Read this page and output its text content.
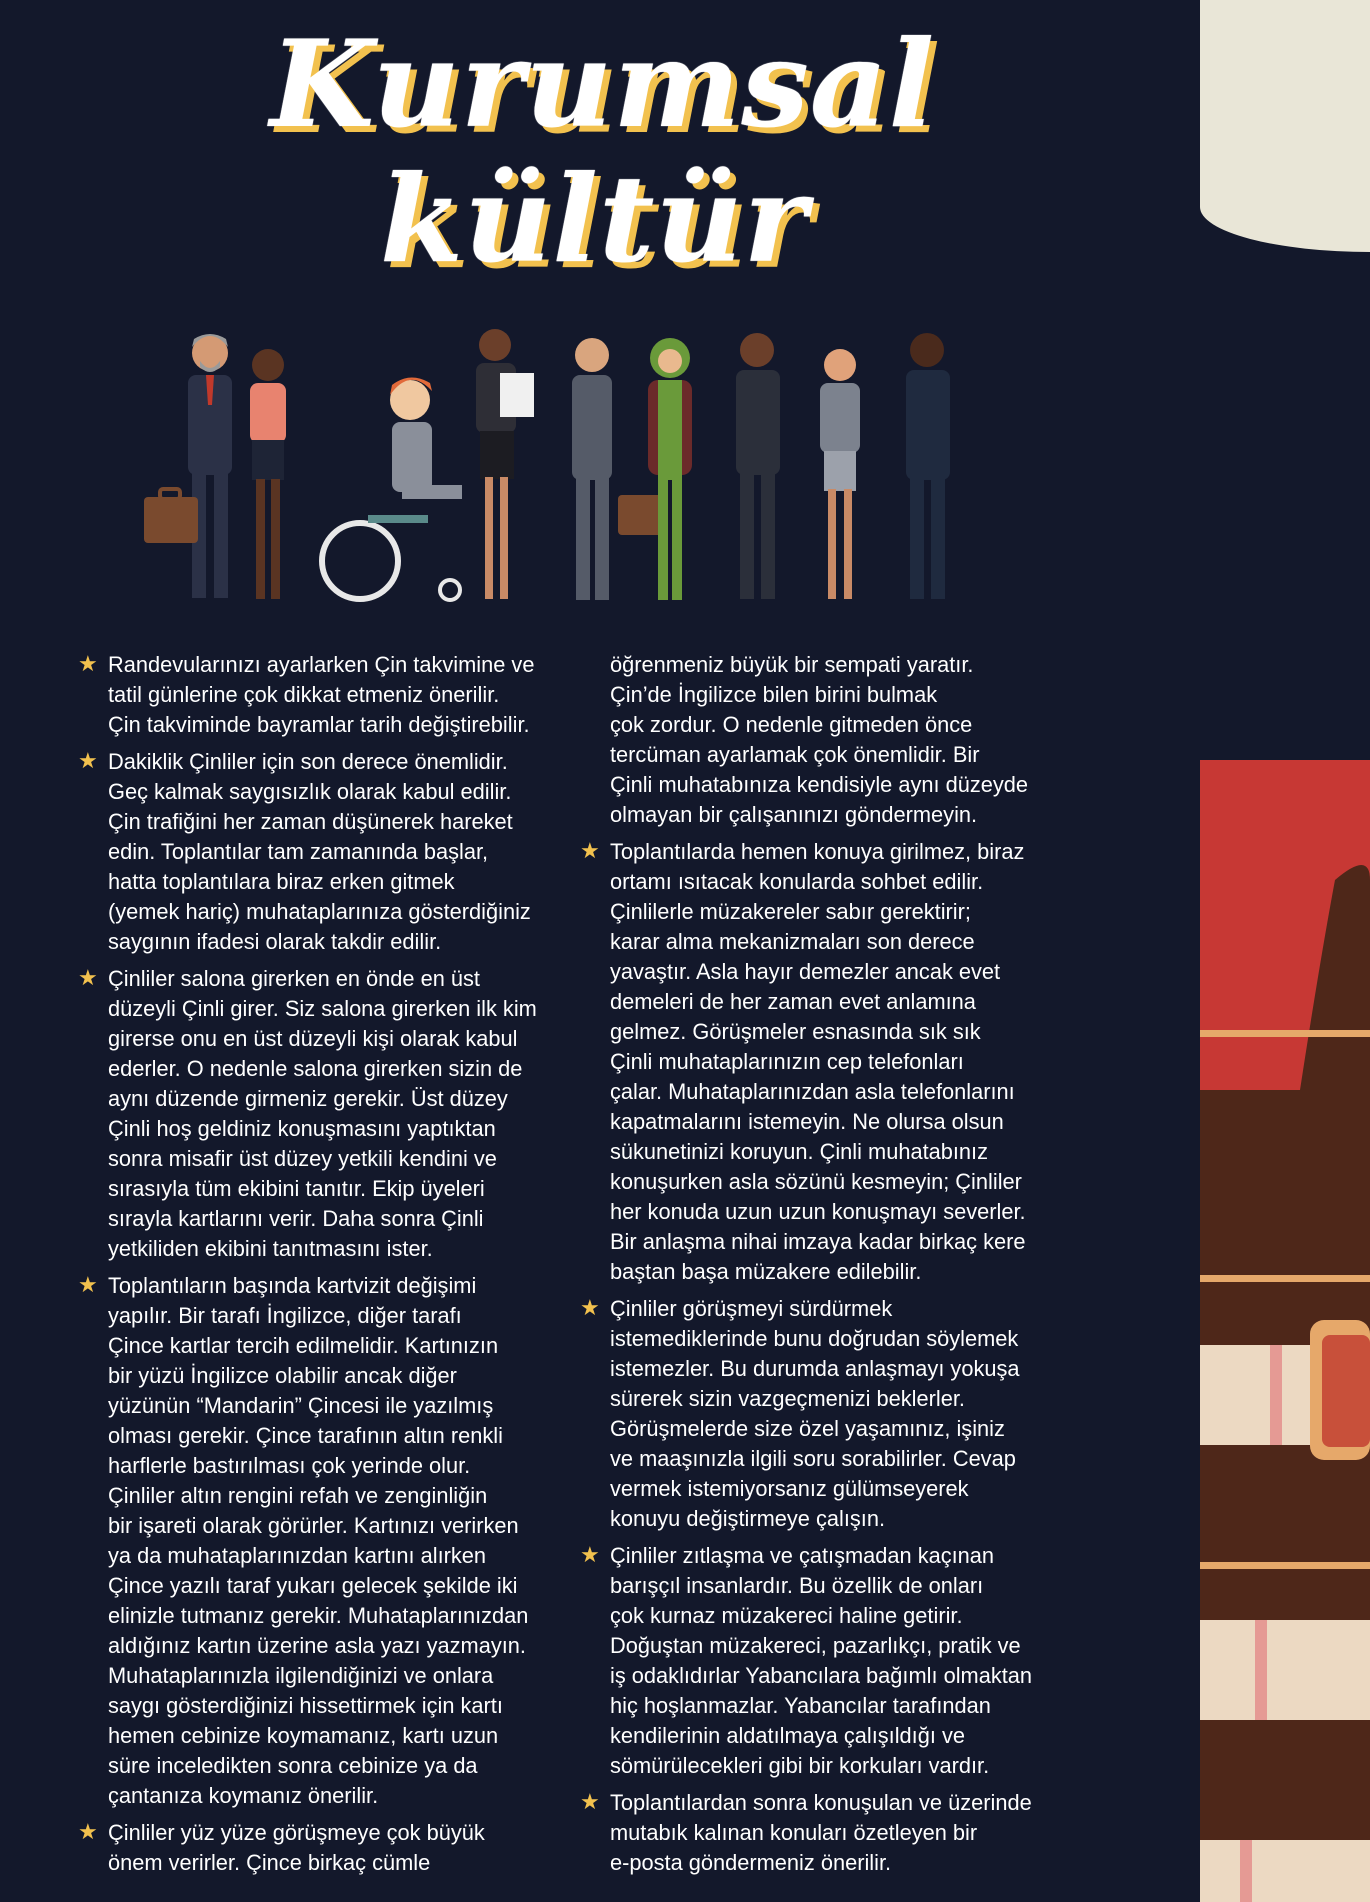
Kurumsal
kültür
★ Randevularınızı ayarlarken Çin takvimine ve
tatil günlerine çok dikkat etmeniz önerilir.
Çin takviminde bayramlar tarih değiştirebilir.
★ Dakiklik Çinliler için son derece önemlidir.
Geç kalmak saygısızlık olarak kabul edilir.
Çin trafiğini her zaman düşünerek hareket
edin. Toplantılar tam zamanında başlar,
hatta toplantılara biraz erken gitmek
(yemek hariç) muhataplarınıza gösterdiğiniz
saygının ifadesi olarak takdir edilir.
★ Çinliler salona girerken en önde en üst
düzeyli Çinli girer. Siz salona girerken ilk kim
girerse onu en üst düzeyli kişi olarak kabul
ederler. O nedenle salona girerken sizin de
aynı düzende girmeniz gerekir. Üst düzey
Çinli hoş geldiniz konuşmasını yaptıktan
sonra misafir üst düzey yetkili kendini ve
sırasıyla tüm ekibini tanıtır. Ekip üyeleri
sırayla kartlarını verir. Daha sonra Çinli
yetkiliden ekibini tanıtmasını ister.
★ Toplantıların başında kartvizit değişimi
yapılır. Bir tarafı İngilizce, diğer tarafı
Çince kartlar tercih edilmelidir. Kartınızın
bir yüzü İngilizce olabilir ancak diğer
yüzünün “Mandarin” Çincesi ile yazılmış
olması gerekir. Çince tarafının altın renkli
harflerle bastırılması çok yerinde olur.
Çinliler altın rengini refah ve zenginliğin
bir işareti olarak görürler. Kartınızı verirken
ya da muhataplarınızdan kartını alırken
Çince yazılı taraf yukarı gelecek şekilde iki
elinizle tutmanız gerekir. Muhataplarınızdan
aldığınız kartın üzerine asla yazı yazmayın.
Muhataplarınızla ilgilendiğinizi ve onlara
saygı gösterdiğinizi hissettirmek için kartı
hemen cebinize koymamanız, kartı uzun
süre inceledikten sonra cebinize ya da
çantanıza koymanız önerilir.
★ Çinliler yüz yüze görüşmeye çok büyük
önem verirler. Çince birkaç cümle
öğrenmeniz büyük bir sempati yaratır.
Çin’de İngilizce bilen birini bulmak
çok zordur. O nedenle gitmeden önce
tercüman ayarlamak çok önemlidir. Bir
Çinli muhatabınıza kendisiyle aynı düzeyde
olmayan bir çalışanınızı göndermeyin.
★ Toplantılarda hemen konuya girilmez, biraz
ortamı ısıtacak konularda sohbet edilir.
Çinlilerle müzakereler sabır gerektirir;
karar alma mekanizmaları son derece
yavaştır. Asla hayır demezler ancak evet
demeleri de her zaman evet anlamına
gelmez. Görüşmeler esnasında sık sık
Çinli muhataplarınızın cep telefonları
çalar. Muhataplarınızdan asla telefonlarını
kapatmalarını istemeyin. Ne olursa olsun
sükunetinizi koruyun. Çinli muhatabınız
konuşurken asla sözünü kesmeyin; Çinliler
her konuda uzun uzun konuşmayı severler.
Bir anlaşma nihai imzaya kadar birkaç kere
baştan başa müzakere edilebilir.
★ Çinliler görüşmeyi sürdürmek
istemediklerinde bunu doğrudan söylemek
istemezler. Bu durumda anlaşmayı yokuşa
sürerek sizin vazgeçmenizi beklerler.
Görüşmelerde size özel yaşamınız, işiniz
ve maaşınızla ilgili soru sorabilirler. Cevap
vermek istemiyorsanız gülümseyerek
konuyu değiştirmeye çalışın.
★ Çinliler zıtlaşma ve çatışmadan kaçınan
barışçıl insanlardır. Bu özellik de onları
çok kurnaz müzakereci haline getirir.
Doğuştan müzakereci, pazarlıkçı, pratik ve
iş odaklıdırlar Yabancılara bağımlı olmaktan
hiç hoşlanmazlar. Yabancılar tarafından
kendilerinin aldatılmaya çalışıldığı ve
sömürülecekleri gibi bir korkuları vardır.
★ Toplantılardan sonra konuşulan ve üzerinde
mutabık kalınan konuları özetleyen bir
e-posta göndermeniz önerilir.
